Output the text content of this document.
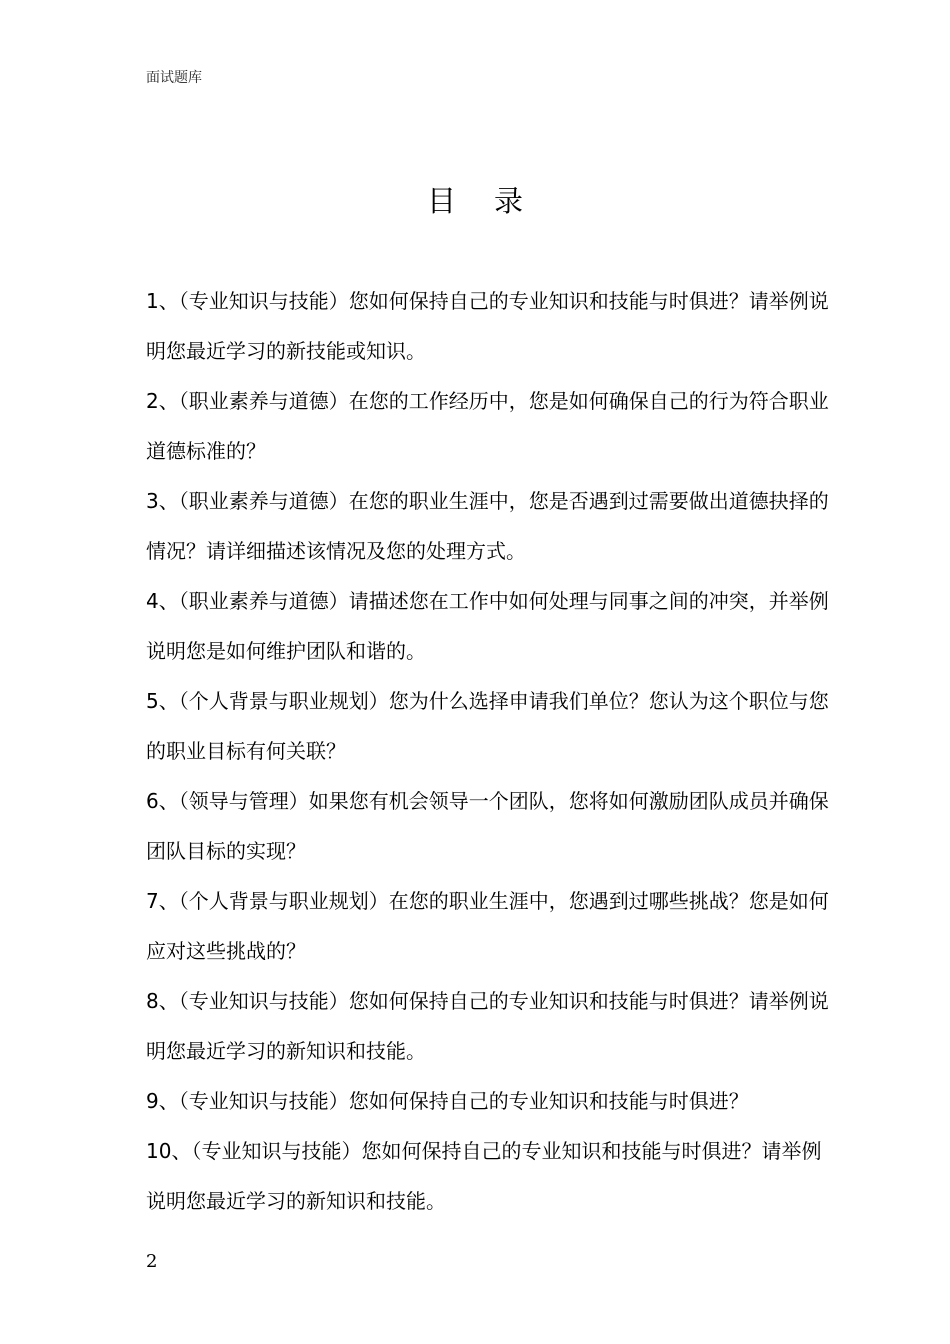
面试题库
目录
1、（专业知识与技能）您如何保持自己的专业知识和技能与时俱进？请举例说明您最近学习的新技能或知识。
2、（职业素养与道德）在您的工作经历中，您是如何确保自己的行为符合职业道德标准的？
3、（职业素养与道德）在您的职业生涯中，您是否遇到过需要做出道德抉择的情况？请详细描述该情况及您的处理方式。
4、（职业素养与道德）请描述您在工作中如何处理与同事之间的冲突，并举例说明您是如何维护团队和谐的。
5、（个人背景与职业规划）您为什么选择申请我们单位？您认为这个职位与您的职业目标有何关联？
6、（领导与管理）如果您有机会领导一个团队，您将如何激励团队成员并确保团队目标的实现？
7、（个人背景与职业规划）在您的职业生涯中，您遇到过哪些挑战？您是如何应对这些挑战的？
8、（专业知识与技能）您如何保持自己的专业知识和技能与时俱进？请举例说明您最近学习的新知识和技能。
9、（专业知识与技能）您如何保持自己的专业知识和技能与时俱进？
10、（专业知识与技能）您如何保持自己的专业知识和技能与时俱进？请举例说明您最近学习的新知识和技能。
2
